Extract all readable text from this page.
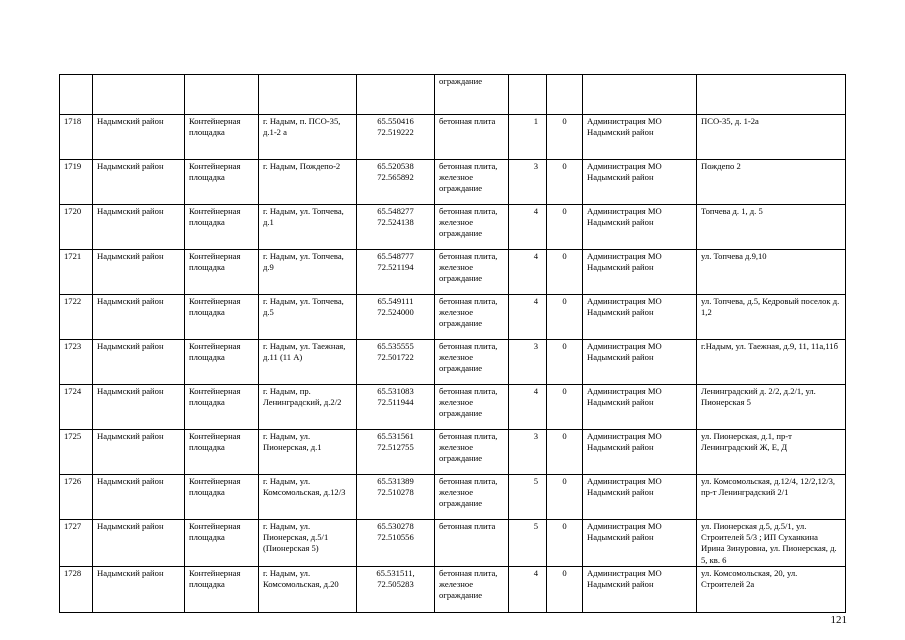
					ограждание				
1718	Надымский район	Контейнерная площадка	г. Надым, п. ПСО-35, д.1-2 а	65.550416
72.519222	бетонная плита	1	0	Администрация МО Надымский район	ПСО-35, д. 1-2а
1719	Надымский район	Контейнерная площадка	г. Надым, Пождепо-2	65.520538
72.565892	бетонная плита, железное ограждание	3	0	Администрация МО Надымский район	Пождепо 2
1720	Надымский район	Контейнерная площадка	г. Надым, ул. Топчева, д.1	65.548277
72.524138	бетонная плита, железное ограждание	4	0	Администрация МО Надымский район	Топчева д. 1, д. 5
1721	Надымский район	Контейнерная площадка	г. Надым, ул. Топчева, д.9	65.548777
72.521194	бетонная плита, железное ограждание	4	0	Администрация МО Надымский район	ул. Топчева д.9,10
1722	Надымский район	Контейнерная площадка	г. Надым, ул. Топчева, д.5	65.549111
72.524000	бетонная плита, железное ограждание	4	0	Администрация МО Надымский район	ул. Топчева, д.5, Кедровый поселок д. 1,2
1723	Надымский район	Контейнерная площадка	г. Надым, ул. Таежная, д.11 (11 А)	65.535555
72.501722	бетонная плита, железное ограждание	3	0	Администрация МО Надымский район	г.Надым, ул. Таежная, д.9, 11, 11а,11б
1724	Надымский район	Контейнерная площадка	г. Надым, пр. Ленинградский, д.2/2	65.531083
72.511944	бетонная плита, железное ограждание	4	0	Администрация МО Надымский район	Ленинградский д. 2/2, д.2/1, ул. Пионерская 5
1725	Надымский район	Контейнерная площадка	г. Надым, ул. Пионерская, д.1	65.531561
72.512755	бетонная плита, железное ограждание	3	0	Администрация МО Надымский район	ул. Пионерская, д.1, пр-т Ленинградский Ж, Е, Д
1726	Надымский район	Контейнерная площадка	г. Надым, ул. Комсомольская, д.12/3	65.531389
72.510278	бетонная плита, железное ограждание	5	0	Администрация МО Надымский район	ул. Комсомольская, д.12/4, 12/2,12/3, пр-т Ленинградский 2/1
1727	Надымский район	Контейнерная площадка	г. Надым, ул. Пионерская, д.5/1 (Пионерская 5)	65.530278
72.510556	бетонная плита	5	0	Администрация МО Надымский район	ул. Пионерская д.5, д.5/1, ул. Строителей 5/3 ; ИП Суханкина Ирина Зинуровна, ул. Пионерская, д. 5, кв. 6
1728	Надымский район	Контейнерная площадка	г. Надым, ул. Комсомольская, д.20	65.531511,
72.505283	бетонная плита, железное ограждание	4	0	Администрация МО Надымский район	ул. Комсомольская, 20, ул. Строителей 2а
121
